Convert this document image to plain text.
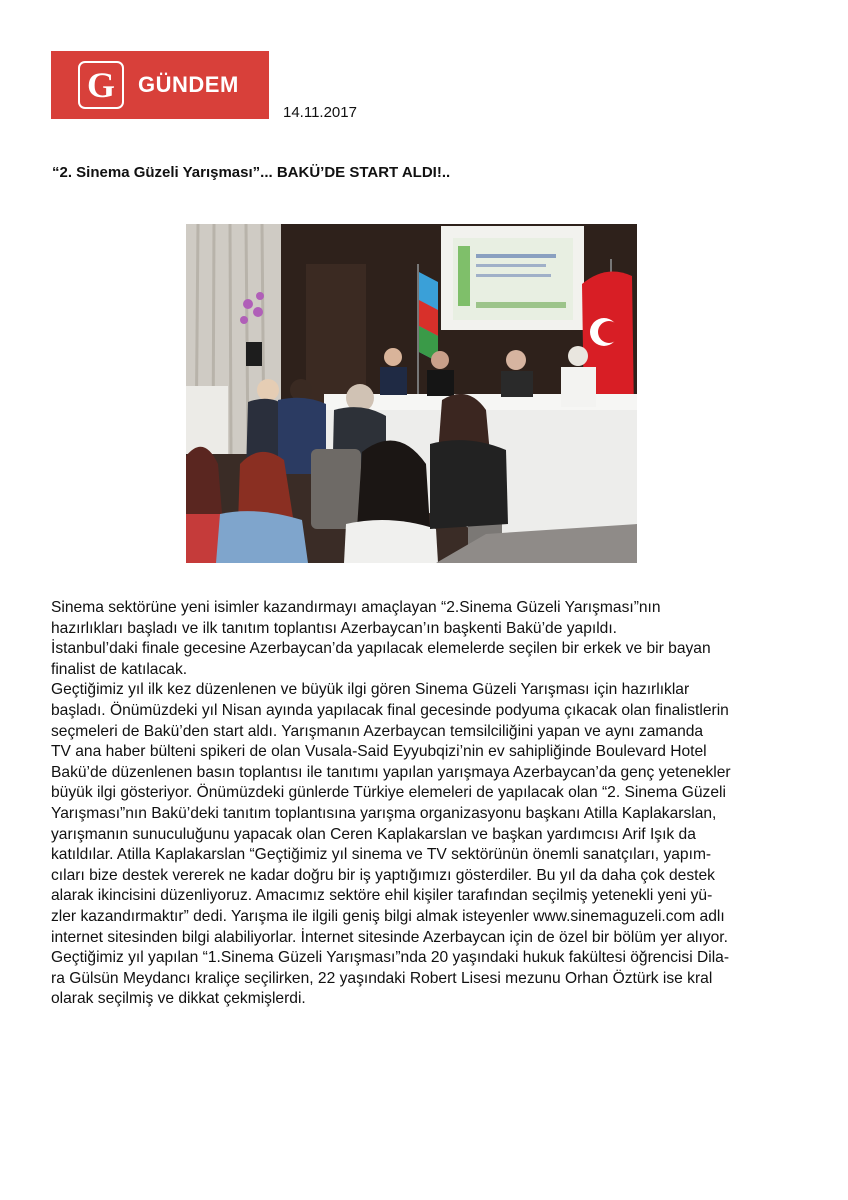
G GÜNDEM
14.11.2017
“2. Sinema Güzeli Yarışması”... BAKÜ’DE START ALDI!..

Sinema sektörüne yeni isimler kazandırmayı amaçlayan “2.Sinema Güzeli Yarışması”nın

hazırlıkları başladı ve ilk tanıtım toplantısı Azerbaycan’ın başkenti Bakü’de yapıldı.

İstanbul’daki finale gecesine Azerbaycan’da yapılacak elemelerde seçilen bir erkek ve bir bayan

finalist de katılacak.

Geçtiğimiz yıl ilk kez düzenlenen ve büyük ilgi gören Sinema Güzeli Yarışması için hazırlıklar

başladı. Önümüzdeki yıl Nisan ayında yapılacak final gecesinde podyuma çıkacak olan finalistlerin

seçmeleri de Bakü’den start aldı. Yarışmanın Azerbaycan temsilciliğini yapan ve aynı zamanda

TV ana haber bülteni spikeri de olan Vusala-Said Eyyubqizi’nin ev sahipliğinde Boulevard Hotel

Bakü’de düzenlenen basın toplantısı ile tanıtımı yapılan yarışmaya Azerbaycan’da genç yetenekler

büyük ilgi gösteriyor. Önümüzdeki günlerde Türkiye elemeleri de yapılacak olan “2. Sinema Güzeli

Yarışması”nın Bakü’deki tanıtım toplantısına yarışma organizasyonu başkanı Atilla Kaplakarslan,

yarışmanın sunuculuğunu yapacak olan Ceren Kaplakarslan ve başkan yardımcısı Arif Işık da

katıldılar. Atilla Kaplakarslan “Geçtiğimiz yıl sinema ve TV sektörünün önemli sanatçıları, yapım-

cıları bize destek vererek ne kadar doğru bir iş yaptığımızı gösterdiler. Bu yıl da daha çok destek

alarak ikincisini düzenliyoruz. Amacımız sektöre ehil kişiler tarafından seçilmiş yetenekli yeni yü-

zler kazandırmaktır” dedi. Yarışma ile ilgili geniş bilgi almak isteyenler www.sinemaguzeli.com adlı

internet sitesinden bilgi alabiliyorlar. İnternet sitesinde Azerbaycan için de özel bir bölüm yer alıyor.

Geçtiğimiz yıl yapılan “1.Sinema Güzeli Yarışması”nda 20 yaşındaki hukuk fakültesi öğrencisi Dila-

ra Gülsün Meydancı kraliçe seçilirken, 22 yaşındaki Robert Lisesi mezunu Orhan Öztürk ise kral

olarak seçilmiş ve dikkat çekmişlerdi.
